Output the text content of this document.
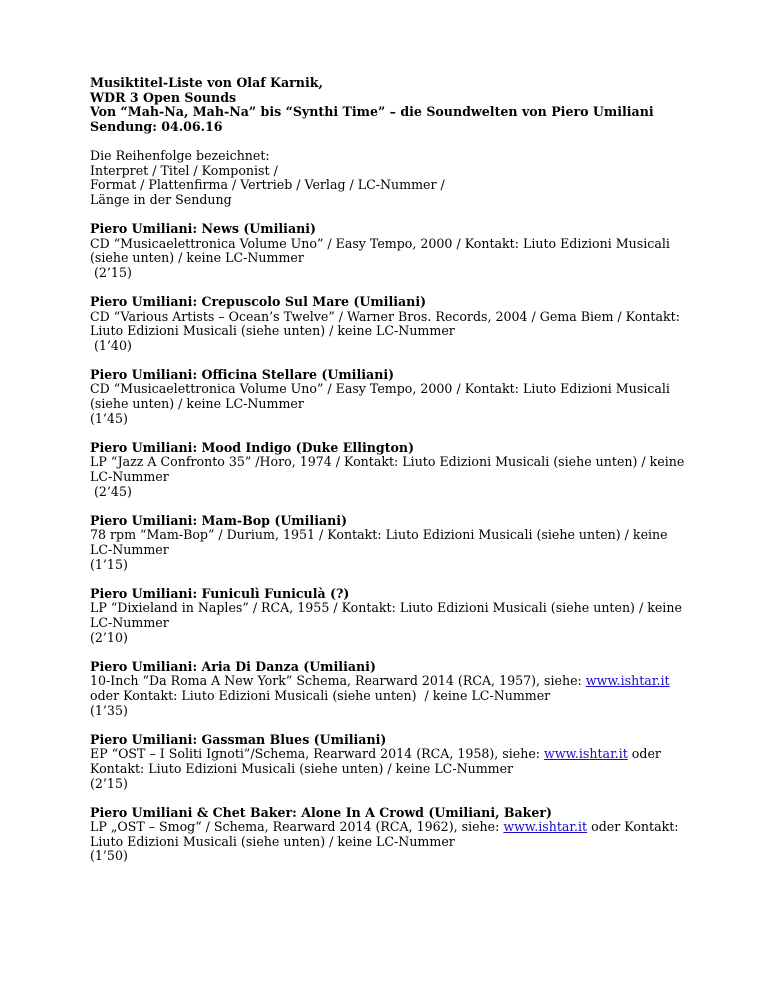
Musiktitel-Liste von Olaf Karnik,
WDR 3 Open Sounds
Von “Mah-Na, Mah-Na” bis “Synthi Time” – die Soundwelten von Piero Umiliani
Sendung: 04.06.16
Die Reihenfolge bezeichnet:
Interpret / Titel / Komponist /
Format / Plattenfirma / Vertrieb / Verlag / LC-Nummer /
Länge in der Sendung
Piero Umiliani: News (Umiliani)
CD “Musicaelettronica Volume Uno” / Easy Tempo, 2000 / Kontakt: Liuto Edizioni Musicali (siehe unten) / keine LC-Nummer
(2’15)
Piero Umiliani: Crepuscolo Sul Mare (Umiliani)
CD “Various Artists – Ocean’s Twelve” / Warner Bros. Records, 2004 / Gema Biem / Kontakt: Liuto Edizioni Musicali (siehe unten) / keine LC-Nummer
(1’40)
Piero Umiliani: Officina Stellare (Umiliani)
CD “Musicaelettronica Volume Uno” / Easy Tempo, 2000 / Kontakt: Liuto Edizioni Musicali (siehe unten) / keine LC-Nummer
(1’45)
Piero Umiliani: Mood Indigo (Duke Ellington)
LP “Jazz A Confronto 35” /Horo, 1974 / Kontakt: Liuto Edizioni Musicali (siehe unten) / keine LC-Nummer
(2’45)
Piero Umiliani: Mam-Bop (Umiliani)
78 rpm “Mam-Bop” / Durium, 1951 / Kontakt: Liuto Edizioni Musicali (siehe unten) / keine LC-Nummer
(1’15)
Piero Umiliani: Funiculì Funiculà (?)
LP “Dixieland in Naples” / RCA, 1955 / Kontakt: Liuto Edizioni Musicali (siehe unten) / keine LC-Nummer
(2’10)
Piero Umiliani: Aria Di Danza (Umiliani)
10-Inch “Da Roma A New York” Schema, Rearward 2014 (RCA, 1957), siehe: www.ishtar.it oder Kontakt: Liuto Edizioni Musicali (siehe unten)  / keine LC-Nummer
(1’35)
Piero Umiliani: Gassman Blues (Umiliani)
EP “OST – I Soliti Ignoti”/Schema, Rearward 2014 (RCA, 1958), siehe: www.ishtar.it oder Kontakt: Liuto Edizioni Musicali (siehe unten) / keine LC-Nummer
(2’15)
Piero Umiliani & Chet Baker: Alone In A Crowd (Umiliani, Baker)
LP „OST – Smog“ / Schema, Rearward 2014 (RCA, 1962), siehe: www.ishtar.it oder Kontakt: Liuto Edizioni Musicali (siehe unten) / keine LC-Nummer
(1’50)
